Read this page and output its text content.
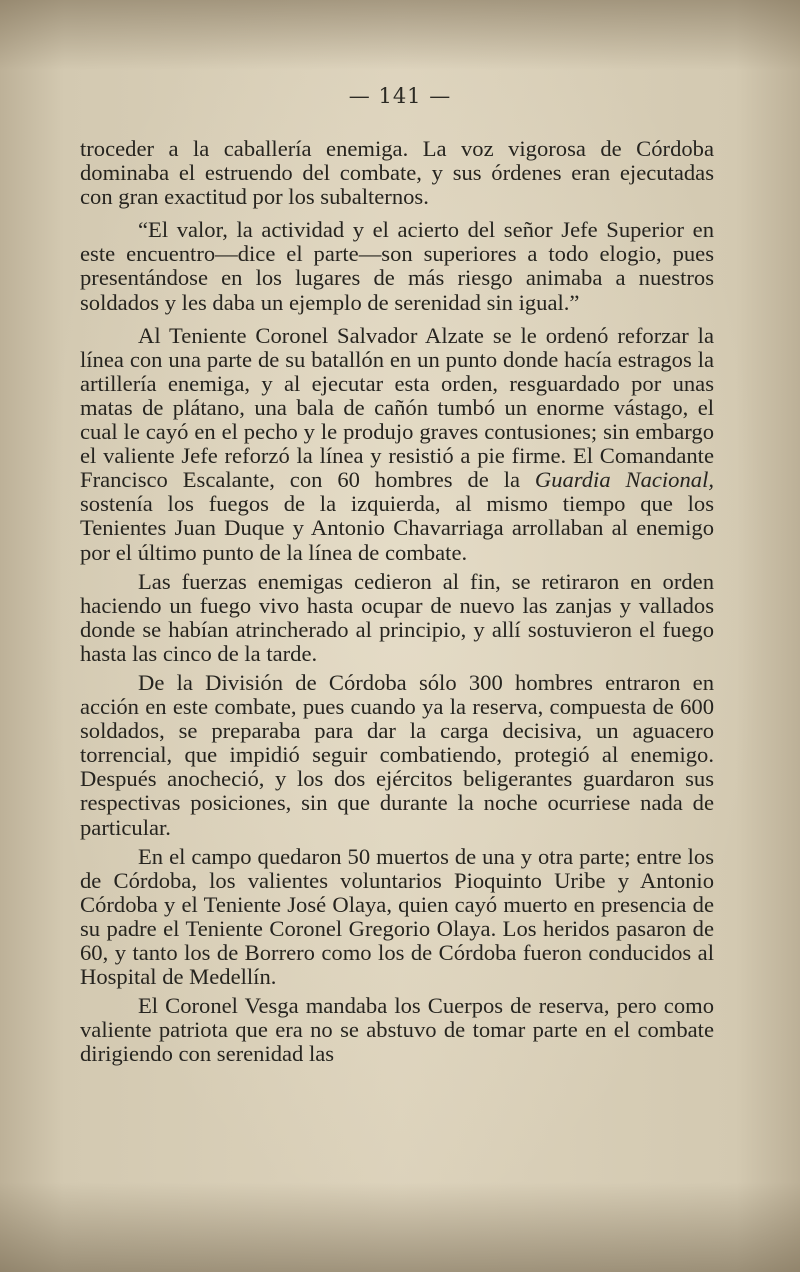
— 141 —

troceder a la caballería enemiga. La voz vigorosa de Córdoba dominaba el estruendo del combate, y sus órdenes eran ejecutadas con gran exactitud por los subalternos.

“El valor, la actividad y el acierto del señor Jefe Superior en este encuentro—dice el parte—son superiores a todo elogio, pues presentándose en los lugares de más riesgo animaba a nuestros soldados y les daba un ejemplo de serenidad sin igual.”

Al Teniente Coronel Salvador Alzate se le ordenó reforzar la línea con una parte de su batallón en un punto donde hacía estragos la artillería enemiga, y al ejecutar esta orden, resguardado por unas matas de plátano, una bala de cañón tumbó un enorme vástago, el cual le cayó en el pecho y le produjo graves contusiones; sin embargo el valiente Jefe reforzó la línea y resistió a pie firme. El Comandante Francisco Escalante, con 60 hombres de la Guardia Nacional, sostenía los fuegos de la izquierda, al mismo tiempo que los Tenientes Juan Duque y Antonio Chavarriaga arrollaban al enemigo por el último punto de la línea de combate.

Las fuerzas enemigas cedieron al fin, se retiraron en orden haciendo un fuego vivo hasta ocupar de nuevo las zanjas y vallados donde se habían atrincherado al principio, y allí sostuvieron el fuego hasta las cinco de la tarde.

De la División de Córdoba sólo 300 hombres entraron en acción en este combate, pues cuando ya la reserva, compuesta de 600 soldados, se preparaba para dar la carga decisiva, un aguacero torrencial, que impidió seguir combatiendo, protegió al enemigo. Después anocheció, y los dos ejércitos beligerantes guardaron sus respectivas posiciones, sin que durante la noche ocurriese nada de particular.

En el campo quedaron 50 muertos de una y otra parte; entre los de Córdoba, los valientes voluntarios Pioquinto Uribe y Antonio Córdoba y el Teniente José Olaya, quien cayó muerto en presencia de su padre el Teniente Coronel Gregorio Olaya. Los heridos pasaron de 60, y tanto los de Borrero como los de Córdoba fueron conducidos al Hospital de Medellín.

El Coronel Vesga mandaba los Cuerpos de reserva, pero como valiente patriota que era no se abstuvo de tomar parte en el combate dirigiendo con serenidad las
